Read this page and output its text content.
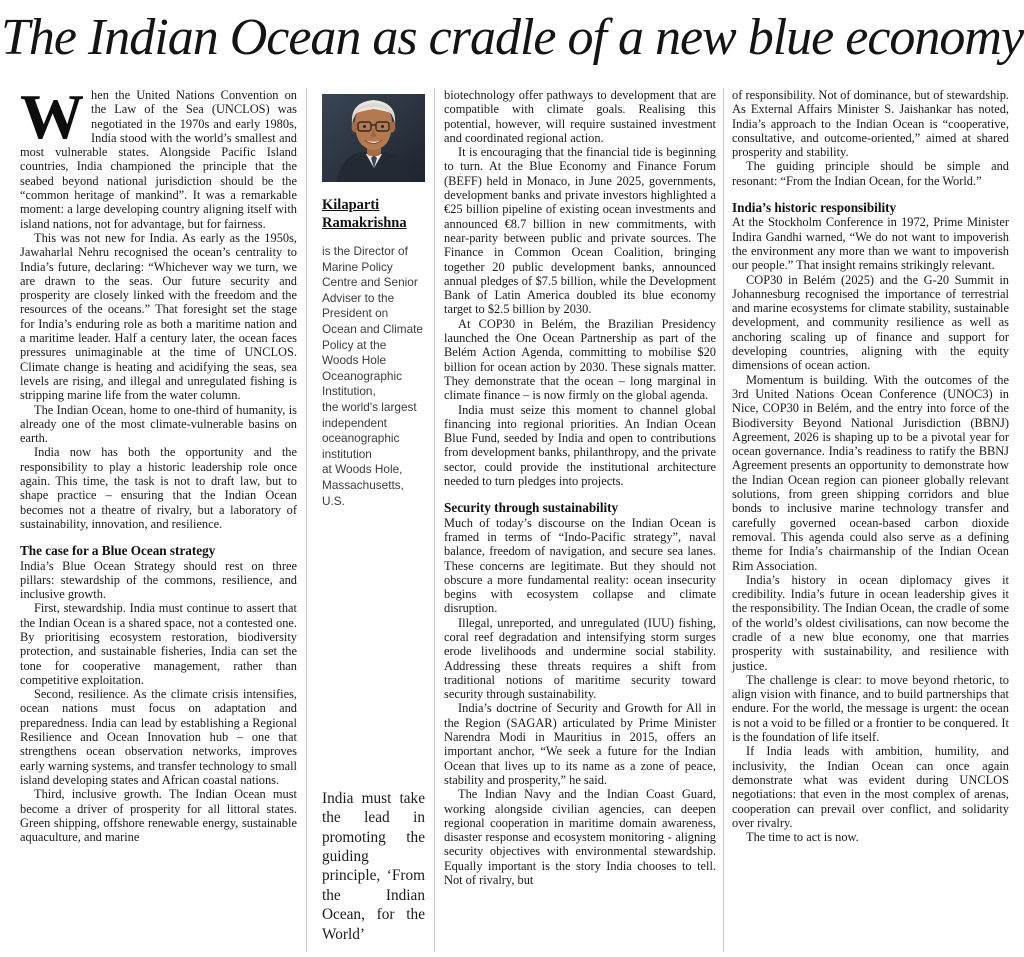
The Indian Ocean as cradle of a new blue economy

When the United Nations Convention on the Law of the Sea (UNCLOS) was negotiated in the 1970s and early 1980s, India stood with the world’s smallest and most vulnerable states. Alongside Pacific Island countries, India championed the principle that the seabed beyond national jurisdiction should be the “common heritage of mankind”. It was a remarkable moment: a large developing country aligning itself with island nations, not for advantage, but for fairness.

This was not new for India. As early as the 1950s, Jawaharlal Nehru recognised the ocean’s centrality to India’s future, declaring: “Whichever way we turn, we are drawn to the seas. Our future security and prosperity are closely linked with the freedom and the resources of the oceans.” That foresight set the stage for India’s enduring role as both a maritime nation and a maritime leader. Half a century later, the ocean faces pressures unimaginable at the time of UNCLOS. Climate change is heating and acidifying the seas, sea levels are rising, and illegal and unregulated fishing is stripping marine life from the water column.

The Indian Ocean, home to one-third of humanity, is already one of the most climate-vulnerable basins on earth.

India now has both the opportunity and the responsibility to play a historic leadership role once again. This time, the task is not to draft law, but to shape practice – ensuring that the Indian Ocean becomes not a theatre of rivalry, but a laboratory of sustainability, innovation, and resilience.

The case for a Blue Ocean strategy

India’s Blue Ocean Strategy should rest on three pillars: stewardship of the commons, resilience, and inclusive growth.

First, stewardship. India must continue to assert that the Indian Ocean is a shared space, not a contested one. By prioritising ecosystem restoration, biodiversity protection, and sustainable fisheries, India can set the tone for cooperative management, rather than competitive exploitation.

Second, resilience. As the climate crisis intensifies, ocean nations must focus on adaptation and preparedness. India can lead by establishing a Regional Resilience and Ocean Innovation hub – one that strengthens ocean observation networks, improves early warning systems, and transfer technology to small island developing states and African coastal nations.

Third, inclusive growth. The Indian Ocean must become a driver of prosperity for all littoral states. Green shipping, offshore renewable energy, sustainable aquaculture, and marine

Kilaparti Ramakrishna
is the Director of Marine Policy Centre and Senior Adviser to the President on Ocean and Climate Policy at the Woods Hole Oceanographic Institution,
the world's largest independent oceanographic institution
at Woods Hole, Massachusetts, U.S.
India must take the lead in promoting the guiding principle, ‘From the Indian Ocean, for the World’

biotechnology offer pathways to development that are compatible with climate goals. Realising this potential, however, will require sustained investment and coordinated regional action.

It is encouraging that the financial tide is beginning to turn. At the Blue Economy and Finance Forum (BEFF) held in Monaco, in June 2025, governments, development banks and private investors highlighted a €25 billion pipeline of existing ocean investments and announced €8.7 billion in new commitments, with near-parity between public and private sources. The Finance in Common Ocean Coalition, bringing together 20 public development banks, announced annual pledges of $7.5 billion, while the Development Bank of Latin America doubled its blue economy target to $2.5 billion by 2030.

At COP30 in Belém, the Brazilian Presidency launched the One Ocean Partnership as part of the Belém Action Agenda, committing to mobilise $20 billion for ocean action by 2030. These signals matter. They demonstrate that the ocean – long marginal in climate finance – is now firmly on the global agenda.

India must seize this moment to channel global financing into regional priorities. An Indian Ocean Blue Fund, seeded by India and open to contributions from development banks, philanthropy, and the private sector, could provide the institutional architecture needed to turn pledges into projects.

Security through sustainability

Much of today’s discourse on the Indian Ocean is framed in terms of “Indo-Pacific strategy”, naval balance, freedom of navigation, and secure sea lanes. These concerns are legitimate. But they should not obscure a more fundamental reality: ocean insecurity begins with ecosystem collapse and climate disruption.

Illegal, unreported, and unregulated (IUU) fishing, coral reef degradation and intensifying storm surges erode livelihoods and undermine social stability. Addressing these threats requires a shift from traditional notions of maritime security toward security through sustainability.

India’s doctrine of Security and Growth for All in the Region (SAGAR) articulated by Prime Minister Narendra Modi in Mauritius in 2015, offers an important anchor, “We seek a future for the Indian Ocean that lives up to its name as a zone of peace, stability and prosperity,” he said.

The Indian Navy and the Indian Coast Guard, working alongside civilian agencies, can deepen regional cooperation in maritime domain awareness, disaster response and ecosystem monitoring - aligning security objectives with environmental stewardship. Equally important is the story India chooses to tell. Not of rivalry, but

of responsibility. Not of dominance, but of stewardship. As External Affairs Minister S. Jaishankar has noted, India’s approach to the Indian Ocean is “cooperative, consultative, and outcome-oriented,” aimed at shared prosperity and stability.

The guiding principle should be simple and resonant: “From the Indian Ocean, for the World.”

India’s historic responsibility

At the Stockholm Conference in 1972, Prime Minister Indira Gandhi warned, “We do not want to impoverish the environment any more than we want to impoverish our people.” That insight remains strikingly relevant.

COP30 in Belém (2025) and the G-20 Summit in Johannesburg recognised the importance of terrestrial and marine ecosystems for climate stability, sustainable development, and community resilience as well as anchoring scaling up of finance and support for developing countries, aligning with the equity dimensions of ocean action.

Momentum is building. With the outcomes of the 3rd United Nations Ocean Conference (UNOC3) in Nice, COP30 in Belém, and the entry into force of the Biodiversity Beyond National Jurisdiction (BBNJ) Agreement, 2026 is shaping up to be a pivotal year for ocean governance. India’s readiness to ratify the BBNJ Agreement presents an opportunity to demonstrate how the Indian Ocean region can pioneer globally relevant solutions, from green shipping corridors and blue bonds to inclusive marine technology transfer and carefully governed ocean-based carbon dioxide removal. This agenda could also serve as a defining theme for India’s chairmanship of the Indian Ocean Rim Association.

India’s history in ocean diplomacy gives it credibility. India’s future in ocean leadership gives it the responsibility. The Indian Ocean, the cradle of some of the world’s oldest civilisations, can now become the cradle of a new blue economy, one that marries prosperity with sustainability, and resilience with justice.

The challenge is clear: to move beyond rhetoric, to align vision with finance, and to build partnerships that endure. For the world, the message is urgent: the ocean is not a void to be filled or a frontier to be conquered. It is the foundation of life itself.

If India leads with ambition, humility, and inclusivity, the Indian Ocean can once again demonstrate what was evident during UNCLOS negotiations: that even in the most complex of arenas, cooperation can prevail over conflict, and solidarity over rivalry.

The time to act is now.
